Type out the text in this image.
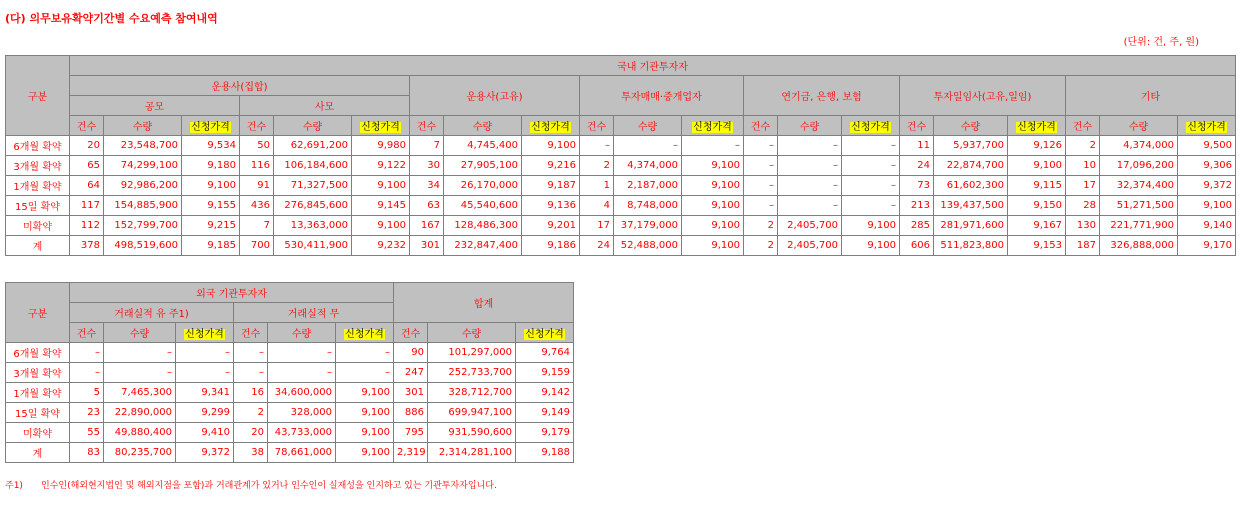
(다) 의무보유확약기간별 수요예측 참여내역
(단위: 건, 주, 원)
구분	국내 기관투자자																				
	운용사(집합)						운용사(고유)			투자매매·중개업자			연기금, 은행, 보험			투자일임사(고유,일임)			기타		
	공모			사모																	
	건수	수량	신청가격	건수	수량	신청가격	건수	수량	신청가격	건수	수량	신청가격	건수	수량	신청가격	건수	수량	신청가격	건수	수량	신청가격
6개월 확약	20	23,548,700	9,534	50	62,691,200	9,980	7	4,745,400	9,100	–	–	–	–	–	–	11	5,937,700	9,126	2	4,374,000	9,500
3개월 확약	65	74,299,100	9,180	116	106,184,600	9,122	30	27,905,100	9,216	2	4,374,000	9,100	–	–	–	24	22,874,700	9,100	10	17,096,200	9,306
1개월 확약	64	92,986,200	9,100	91	71,327,500	9,100	34	26,170,000	9,187	1	2,187,000	9,100	–	–	–	73	61,602,300	9,115	17	32,374,400	9,372
15일 확약	117	154,885,900	9,155	436	276,845,600	9,145	63	45,540,600	9,136	4	8,748,000	9,100	–	–	–	213	139,437,500	9,150	28	51,271,500	9,100
미확약	112	152,799,700	9,215	7	13,363,000	9,100	167	128,486,300	9,201	17	37,179,000	9,100	2	2,405,700	9,100	285	281,971,600	9,167	130	221,771,900	9,140
계	378	498,519,600	9,185	700	530,411,900	9,232	301	232,847,400	9,186	24	52,488,000	9,100	2	2,405,700	9,100	606	511,823,800	9,153	187	326,888,000	9,170
구분	외국 기관투자자						합계		
	거래실적 유 주1)			거래실적 무					
	건수	수량	신청가격	건수	수량	신청가격	건수	수량	신청가격
6개월 확약	–	–	–	–	–	–	90	101,297,000	9,764
3개월 확약	–	–	–	–	–	–	247	252,733,700	9,159
1개월 확약	5	7,465,300	9,341	16	34,600,000	9,100	301	328,712,700	9,142
15일 확약	23	22,890,000	9,299	2	328,000	9,100	886	699,947,100	9,149
미확약	55	49,880,400	9,410	20	43,733,000	9,100	795	931,590,600	9,179
계	83	80,235,700	9,372	38	78,661,000	9,100	2,319	2,314,281,100	9,188
주1) 인수인(해외현지법인 및 해외지점을 포함)과 거래관계가 있거나 인수인이 실재성을 인지하고 있는 기관투자자입니다.
